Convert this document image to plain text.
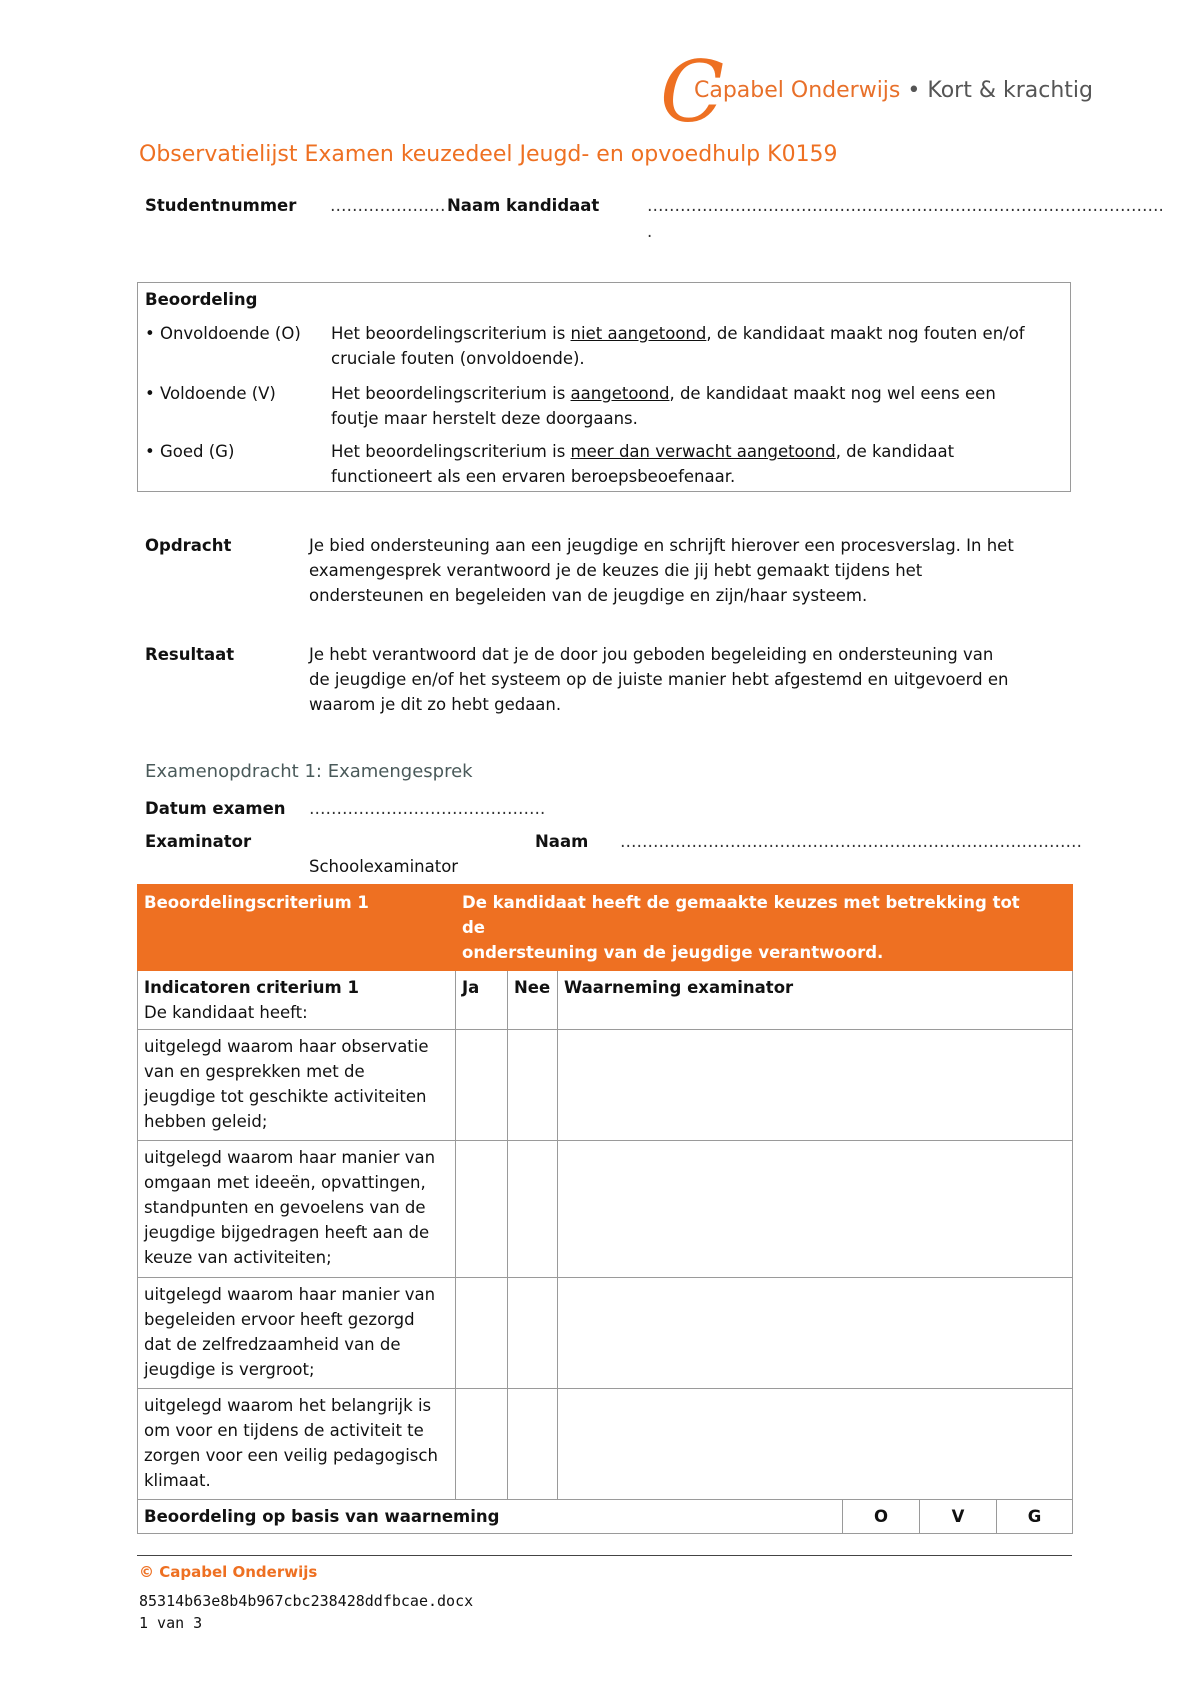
C
Capabel Onderwijs • Kort & krachtig
Observatielijst Examen keuzedeel Jeugd- en opvoedhulp K0159
Studentnummer ………………… Naam kandidaat	………………………………………………………………………………….
.
Beoordeling
• Onvoldoende (O) Het beoordelingscriterium is niet aangetoond, de kandidaat maakt nog fouten en/of
cruciale fouten (onvoldoende).
• Voldoende (V)	Het beoordelingscriterium is aangetoond, de kandidaat maakt nog wel eens een
foutje maar herstelt deze doorgaans.
• Goed (G)	Het beoordelingscriterium is meer dan verwacht aangetoond, de kandidaat
functioneert als een ervaren beroepsbeoefenaar.
Opdracht	Je bied ondersteuning aan een jeugdige en schrijft hierover een procesverslag. In het
examengesprek verantwoord je de keuzes die jij hebt gemaakt tijdens het
ondersteunen en begeleiden van de jeugdige en zijn/haar systeem.
Resultaat	Je hebt verantwoord dat je de door jou geboden begeleiding en ondersteuning van
de jeugdige en/of het systeem op de juiste manier hebt afgestemd en uitgevoerd en
waarom je dit zo hebt gedaan.
Examenopdracht 1: Examengesprek
Datum examen …………………………………….
Examinator	Naam …………………………………………………………………………
Schoolexaminator
Beoordelingscriterium 1	De kandidaat heeft de gemaakte keuzes met betrekking tot
de
ondersteuning van de jeugdige verantwoord.					

Indicatoren criterium 1
De kandidaat heeft:	Ja	Nee	Waarneming examinator			

uitgelegd waarom haar observatie
van en gesprekken met de
jeugdige tot geschikte activiteiten
hebben geleid;						

uitgelegd waarom haar manier van
omgaan met ideeën, opvattingen,
standpunten en gevoelens van de
jeugdige bijgedragen heeft aan de
keuze van activiteiten;						

uitgelegd waarom haar manier van
begeleiden ervoor heeft gezorgd
dat de zelfredzaamheid van de
jeugdige is vergroot;						

uitgelegd waarom het belangrijk is
om voor en tijdens de activiteit te
zorgen voor een veilig pedagogisch
klimaat.						

Beoordeling op basis van waarneming				O	V	G
© Capabel Onderwijs
85314b63e8b4b967cbc238428ddfbcae.docx
1 van 3
